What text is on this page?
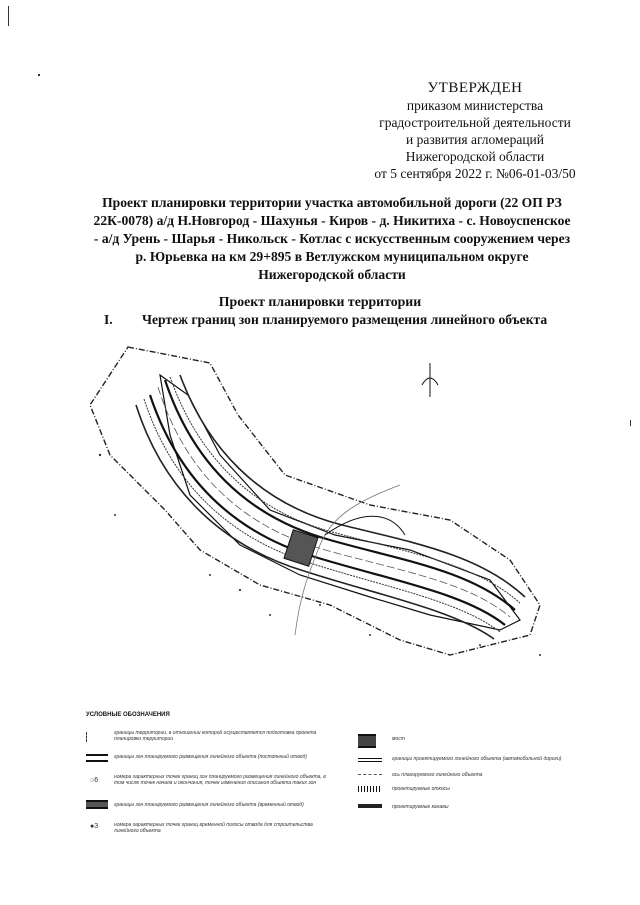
УТВЕРЖДЕН
приказом министерства
градостроительной деятельности
и развития агломераций
Нижегородской области
от 5 сентября 2022 г. №06-01-03/50
Проект планировки территории участка автомобильной дороги (22 ОП РЗ
22К-0078) а/д Н.Новгород - Шахунья - Киров - д. Никитиха - с. Новоуспенское
- а/д Урень - Шарья - Никольск - Котлас с искусственным сооружением через
р. Юрьевка на км 29+895 в Ветлужском муниципальном округе
Нижегородской области
Проект планировки территории
I. Чертеж границ зон планируемого размещения линейного объекта
УСЛОВНЫЕ ОБОЗНАЧЕНИЯ
границы территории, в отношении которой осуществляется подготовка проекта планировки территории
границы зон планируемого размещения линейного объекта (постоянный отвод)
○6	номера характерных точек границ зон планируемого размещения линейного объекта, в том числе точек начала и окончания, точек изменения описания объекта таких зон
границы зон планируемого размещения линейного объекта (временный отвод)
●3	номера характерных точек границ временной полосы отвода для строительства линейного объекта
мост
границы проектируемого линейного объекта (автомобильной дороги)
ось планируемого линейного объекта
проектируемые откосы
проектируемые канавы
